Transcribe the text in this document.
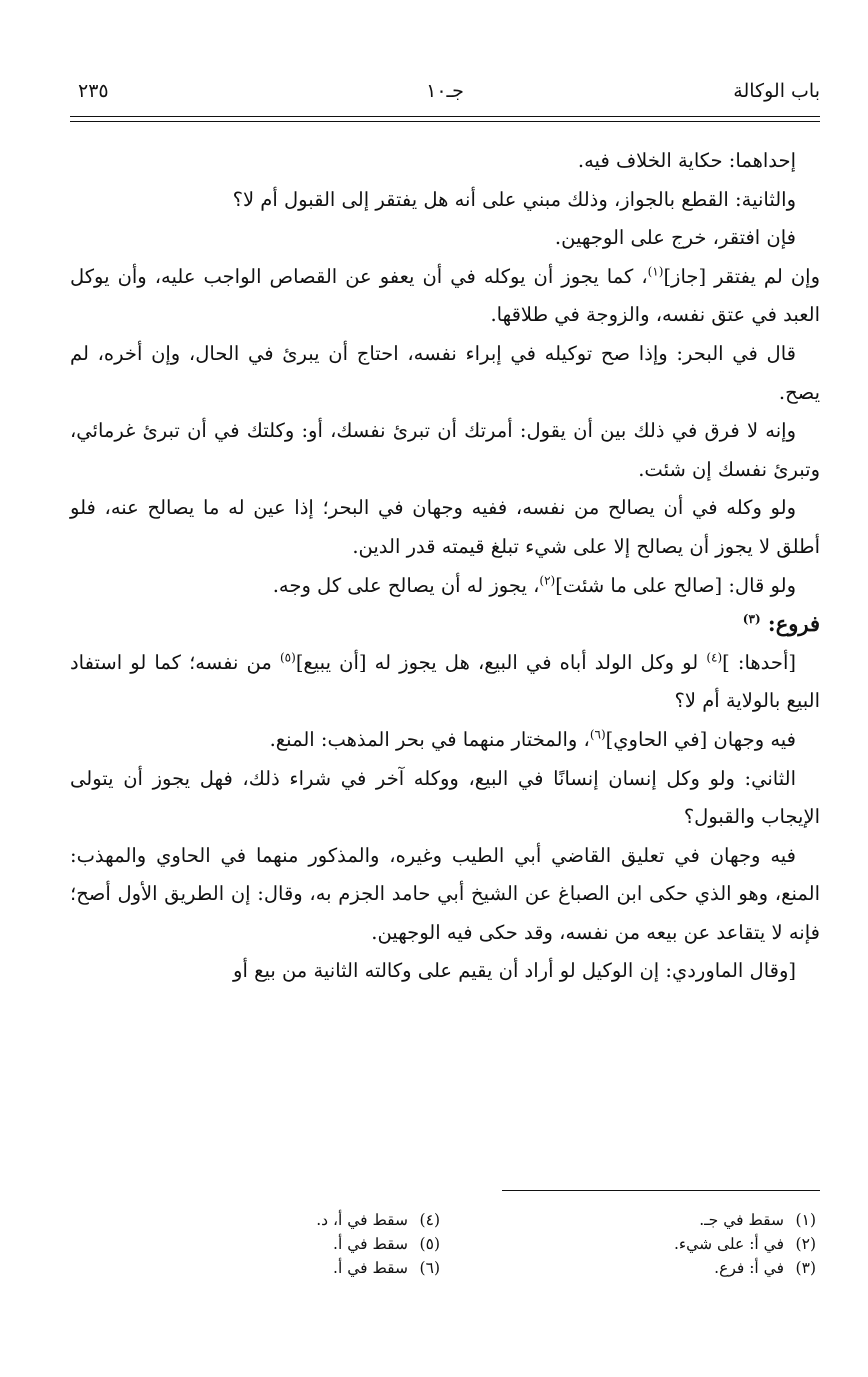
باب الوكالة
جـ١٠
٢٣٥

إحداهما: حكاية الخلاف فيه.

والثانية: القطع بالجواز، وذلك مبني على أنه هل يفتقر إلى القبول أم لا؟

فإن افتقر، خرج على الوجهين.

وإن لم يفتقر [جاز]$^{(١)}$، كما يجوز أن يوكله في أن يعفو عن القصاص الواجب عليه، وأن يوكل العبد في عتق نفسه، والزوجة في طلاقها.

قال في البحر: وإذا صح توكيله في إبراء نفسه، احتاج أن يبرئ في الحال، وإن أخره، لم يصح.

وإنه لا فرق في ذلك بين أن يقول: أمرتك أن تبرئ نفسك، أو: وكلتك في أن تبرئ غرمائي، وتبرئ نفسك إن شئت.

ولو وكله في أن يصالح من نفسه، ففيه وجهان في البحر؛ إذا عين له ما يصالح عنه، فلو أطلق لا يجوز أن يصالح إلا على شيء تبلغ قيمته قدر الدين.

ولو قال: [صالح على ما شئت]$^{(٢)}$، يجوز له أن يصالح على كل وجه.

فروع: $^{(٣)}$

[أحدها: ]$^{(٤)}$ لو وكل الولد أباه في البيع، هل يجوز له [أن يبيع]$^{(٥)}$ من نفسه؛ كما لو استفاد البيع بالولاية أم لا؟

فيه وجهان [في الحاوي]$^{(٦)}$، والمختار منهما في بحر المذهب: المنع.

الثاني: ولو وكل إنسان إنسانًا في البيع، ووكله آخر في شراء ذلك، فهل يجوز أن يتولى الإيجاب والقبول؟

فيه وجهان في تعليق القاضي أبي الطيب وغيره، والمذكور منهما في الحاوي والمهذب: المنع، وهو الذي حكى ابن الصباغ عن الشيخ أبي حامد الجزم به، وقال: إن الطريق الأول أصح؛ فإنه لا يتقاعد عن بيعه من نفسه، وقد حكى فيه الوجهين.

[وقال الماوردي: إن الوكيل لو أراد أن يقيم على وكالته الثانية من بيع أو

(١)
سقط في جـ.
(٢)
في أ: على شيء.
(٣)
في أ: فرع.
(٤)
سقط في أ، د.
(٥)
سقط في أ.
(٦)
سقط في أ.
